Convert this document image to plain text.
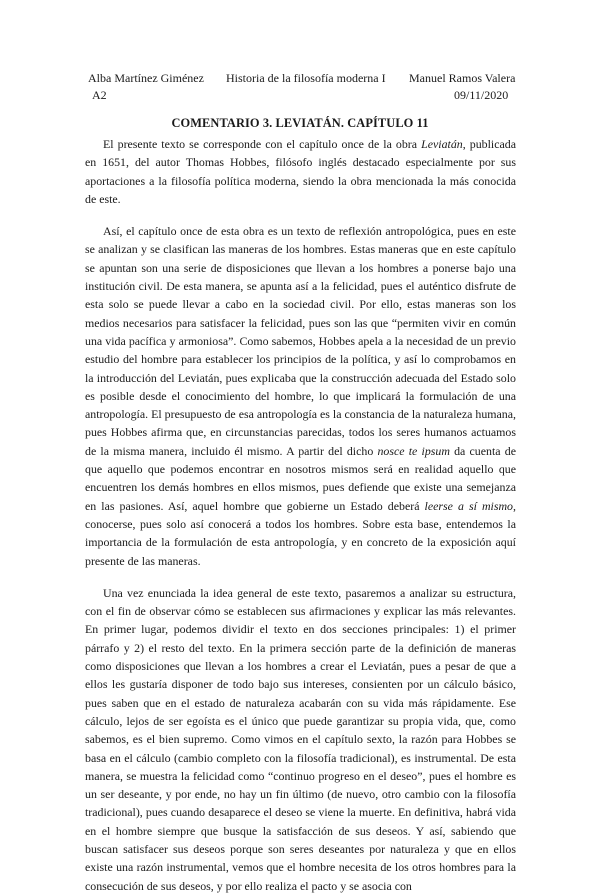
Alba Martínez Giménez Historia de la filosofía moderna I Manuel Ramos Valera
A2	09/11/2020
COMENTARIO 3. LEVIATÁN. CAPÍTULO 11

El presente texto se corresponde con el capítulo once de la obra Leviatán, publicada en 1651, del autor Thomas Hobbes, filósofo inglés destacado especialmente por sus aportaciones a la filosofía política moderna, siendo la obra mencionada la más conocida de este.

Así, el capítulo once de esta obra es un texto de reflexión antropológica, pues en este se analizan y se clasifican las maneras de los hombres. Estas maneras que en este capítulo se apuntan son una serie de disposiciones que llevan a los hombres a ponerse bajo una institución civil. De esta manera, se apunta así a la felicidad, pues el auténtico disfrute de esta solo se puede llevar a cabo en la sociedad civil. Por ello, estas maneras son los medios necesarios para satisfacer la felicidad, pues son las que “permiten vivir en común una vida pacífica y armoniosa”. Como sabemos, Hobbes apela a la necesidad de un previo estudio del hombre para establecer los principios de la política, y así lo comprobamos en la introducción del Leviatán, pues explicaba que la construcción adecuada del Estado solo es posible desde el conocimiento del hombre, lo que implicará la formulación de una antropología. El presupuesto de esa antropología es la constancia de la naturaleza humana, pues Hobbes afirma que, en circunstancias parecidas, todos los seres humanos actuamos de la misma manera, incluido él mismo. A partir del dicho nosce te ipsum da cuenta de que aquello que podemos encontrar en nosotros mismos será en realidad aquello que encuentren los demás hombres en ellos mismos, pues defiende que existe una semejanza en las pasiones. Así, aquel hombre que gobierne un Estado deberá leerse a sí mismo, conocerse, pues solo así conocerá a todos los hombres. Sobre esta base, entendemos la importancia de la formulación de esta antropología, y en concreto de la exposición aquí presente de las maneras.

Una vez enunciada la idea general de este texto, pasaremos a analizar su estructura, con el fin de observar cómo se establecen sus afirmaciones y explicar las más relevantes. En primer lugar, podemos dividir el texto en dos secciones principales: 1) el primer párrafo y 2) el resto del texto. En la primera sección parte de la definición de maneras como disposiciones que llevan a los hombres a crear el Leviatán, pues a pesar de que a ellos les gustaría disponer de todo bajo sus intereses, consienten por un cálculo básico, pues saben que en el estado de naturaleza acabarán con su vida más rápidamente. Ese cálculo, lejos de ser egoísta es el único que puede garantizar su propia vida, que, como sabemos, es el bien supremo. Como vimos en el capítulo sexto, la razón para Hobbes se basa en el cálculo (cambio completo con la filosofía tradicional), es instrumental. De esta manera, se muestra la felicidad como “continuo progreso en el deseo”, pues el hombre es un ser deseante, y por ende, no hay un fin último (de nuevo, otro cambio con la filosofía tradicional), pues cuando desaparece el deseo se viene la muerte. En definitiva, habrá vida en el hombre siempre que busque la satisfacción de sus deseos. Y así, sabiendo que buscan satisfacer sus deseos porque son seres deseantes por naturaleza y que en ellos existe una razón instrumental, vemos que el hombre necesita de los otros hombres para la consecución de sus deseos, y por ello realiza el pacto y se asocia con
